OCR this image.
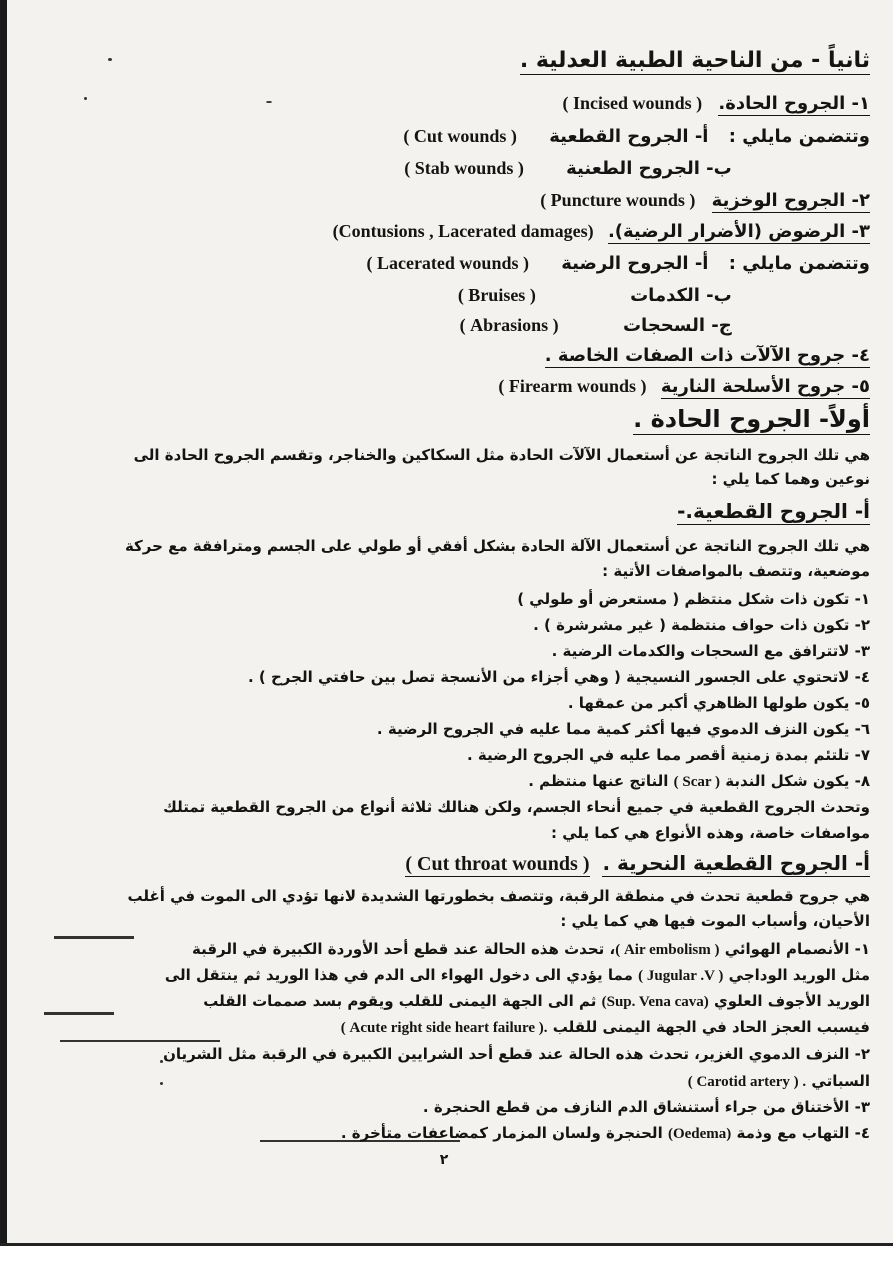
ثانياً - من الناحية الطبية العدلية .
١- الجروح الحادة. ( Incised wounds )
وتتضمن مايلي : أ- الجروح القطعية ( Cut wounds )
ب- الجروح الطعنية ( Stab wounds )
٢- الجروح الوخزية ( Puncture wounds )
٣- الرضوض (الأضرار الرضية). (Contusions , Lacerated damages)
وتتضمن مايلي : أ- الجروح الرضية ( Lacerated wounds )
ب- الكدمات ( Bruises )
ج- السحجات ( Abrasions )
٤- جروح الآلآت ذات الصفات الخاصة .
٥- جروح الأسلحة النارية ( Firearm wounds )
أولاً- الجروح الحادة .
هي تلك الجروح الناتجة عن أستعمال الآلآت الحادة مثل السكاكين والخناجر، وتقسم الجروح الحادة الى
نوعين وهما كما يلي :
أ- الجروح القطعية.-
هي تلك الجروح الناتجة عن أستعمال الآلة الحادة بشكل أفقي أو طولي على الجسم ومترافقة مع حركة
موضعية، وتتصف بالمواصفات الأتية :
١- تكون ذات شكل منتظم ( مستعرض أو طولي )
٢- تكون ذات حواف منتظمة ( غير مشرشرة ) .
٣- لاتترافق مع السحجات والكدمات الرضية .
٤- لاتحتوي على الجسور النسيجية ( وهي أجزاء من الأنسجة تصل بين حافتي الجرح ) .
٥- يكون طولها الظاهري أكبر من عمقها .
٦- يكون النزف الدموي فيها أكثر كمية مما عليه في الجروح الرضية .
٧- تلتئم بمدة زمنية أقصر مما عليه في الجروح الرضية .
٨- يكون شكل الندبة ( Scar ) الناتج عنها منتظم .
وتحدث الجروح القطعية في جميع أنحاء الجسم، ولكن هنالك ثلاثة أنواع من الجروح القطعية تمتلك
مواصفات خاصة، وهذه الأنواع هي كما يلي :
أ- الجروح القطعية النحرية . ( Cut throat wounds )
هي جروح قطعية تحدث في منطقة الرقبة، وتتصف بخطورتها الشديدة لانها تؤدي الى الموت في أغلب
الأحيان، وأسباب الموت فيها هي كما يلي :
١- الأنصمام الهوائي ( Air embolism )، تحدث هذه الحالة عند قطع أحد الأوردة الكبيرة في الرقبة
مثل الوريد الوداجي ( Jugular .V ) مما يؤدي الى دخول الهواء الى الدم في هذا الوريد ثم ينتقل الى
الوريد الأجوف العلوي (Sup. Vena cava) ثم الى الجهة اليمنى للقلب ويقوم بسد صممات القلب
فيسبب العجز الحاد في الجهة اليمنى للقلب ( Acute right side heart failure ).
٢- النزف الدموي الغزير، تحدث هذه الحالة عند قطع أحد الشرايين الكبيرة في الرقبة مثل الشريان
السباتي ( Carotid artery ) .
٣- الأختناق من جراء أستنشاق الدم النازف من قطع الحنجرة .
٤- التهاب مع وذمة (Oedema) الحنجرة ولسان المزمار كمضاعفات متأخرة .
٢
